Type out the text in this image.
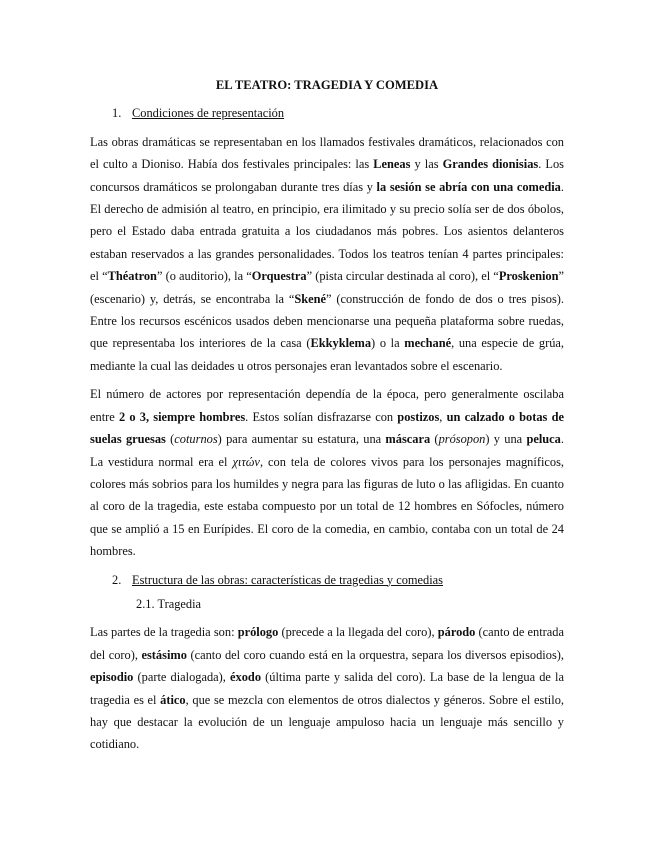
EL TEATRO: TRAGEDIA Y COMEDIA
1. Condiciones de representación

Las obras dramáticas se representaban en los llamados festivales dramáticos, relacionados con el culto a Dioniso. Había dos festivales principales: las Leneas y las Grandes dionisias. Los concursos dramáticos se prolongaban durante tres días y la sesión se abría con una comedia. El derecho de admisión al teatro, en principio, era ilimitado y su precio solía ser de dos óbolos, pero el Estado daba entrada gratuita a los ciudadanos más pobres. Los asientos delanteros estaban reservados a las grandes personalidades. Todos los teatros tenían 4 partes principales: el “Théatron” (o auditorio), la “Orquestra” (pista circular destinada al coro), el “Proskenion” (escenario) y, detrás, se encontraba la “Skené” (construcción de fondo de dos o tres pisos). Entre los recursos escénicos usados deben mencionarse una pequeña plataforma sobre ruedas, que representaba los interiores de la casa (Ekkyklema) o la mechané, una especie de grúa, mediante la cual las deidades u otros personajes eran levantados sobre el escenario.

El número de actores por representación dependía de la época, pero generalmente oscilaba entre 2 o 3, siempre hombres. Estos solían disfrazarse con postizos, un calzado o botas de suelas gruesas (coturnos) para aumentar su estatura, una máscara (prósopon) y una peluca. La vestidura normal era el χιτών, con tela de colores vivos para los personajes magníficos, colores más sobrios para los humildes y negra para las figuras de luto o las afligidas. En cuanto al coro de la tragedia, este estaba compuesto por un total de 12 hombres en Sófocles, número que se amplió a 15 en Eurípides. El coro de la comedia, en cambio, contaba con un total de 24 hombres.

2. Estructura de las obras: características de tragedias y comedias
2.1. Tragedia

Las partes de la tragedia son: prólogo (precede a la llegada del coro), párodo (canto de entrada del coro), estásimo (canto del coro cuando está en la orquestra, separa los diversos episodios), episodio (parte dialogada), éxodo (última parte y salida del coro). La base de la lengua de la tragedia es el ático, que se mezcla con elementos de otros dialectos y géneros. Sobre el estilo, hay que destacar la evolución de un lenguaje ampuloso hacia un lenguaje más sencillo y cotidiano.
